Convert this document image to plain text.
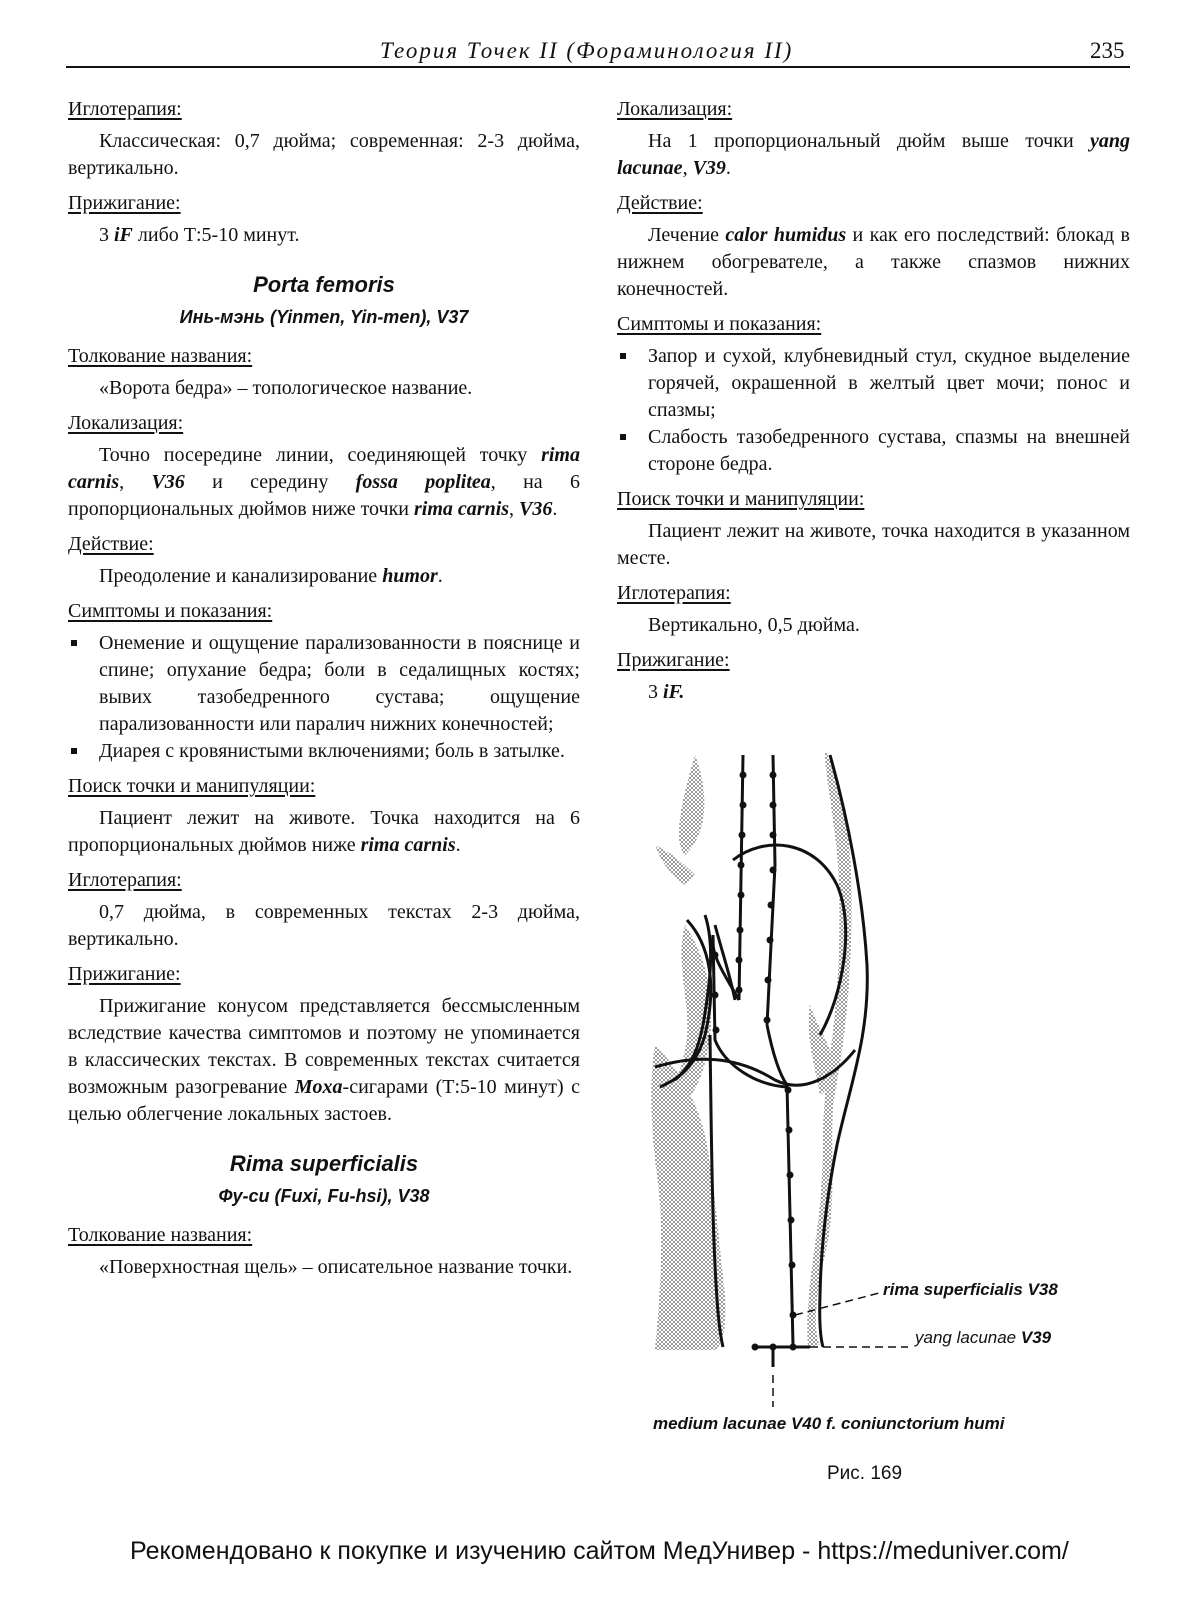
Теория Точек II (Фораминология II)	235
Иглотерапия:
Классическая: 0,7 дюйма; современная: 2-3 дюйма, вертикально.
Прижигание:
3 iF либо Т:5-10 минут.
Porta femoris
Инь-мэнь (Yinmen, Yin-men), V37
Толкование названия:
«Ворота бедра» – топологическое название.
Локализация:
Точно посередине линии, соединяющей точку rima carnis, V36 и середину fossa poplitea, на 6 пропорциональных дюймов ниже точки rima carnis, V36.
Действие:
Преодоление и канализирование humor.
Симптомы и показания:
Онемение и ощущение парализованности в пояснице и спине; опухание бедра; боли в седалищных костях; вывих тазобедренного сустава; ощущение парализованности или паралич нижних конечностей;
Диарея с кровянистыми включениями; боль в затылке.
Поиск точки и манипуляции:
Пациент лежит на животе. Точка находится на 6 пропорциональных дюймов ниже rima carnis.
Иглотерапия:
0,7 дюйма, в современных текстах 2-3 дюйма, вертикально.
Прижигание:
Прижигание конусом представляется бессмысленным вследствие качества симптомов и поэтому не упоминается в классических текстах. В современных текстах считается возможным разогревание Moxa-сигарами (Т:5-10 минут) с целью облегчение локальных застоев.
Rima superficialis
Фу-си (Fuxi, Fu-hsi), V38
Толкование названия:
«Поверхностная щель» – описательное название точки.
Локализация:
На 1 пропорциональный дюйм выше точки yang lacunae, V39.
Действие:
Лечение calor humidus и как его последствий: блокад в нижнем обогревателе, а также спазмов нижних конечностей.
Симптомы и показания:
Запор и сухой, клубневидный стул, скудное выделение горячей, окрашенной в желтый цвет мочи; понос и спазмы;
Слабость тазобедренного сустава, спазмы на внешней стороне бедра.
Поиск точки и манипуляции:
Пациент лежит на животе, точка находится в указанном месте.
Иглотерапия:
Вертикально, 0,5 дюйма.
Прижигание:
3 iF.
rima superficialis V38
yang lacunae V39
medium lacunae V40 f. coniunctorium humi
Рис. 169
Рекомендовано к покупке и изучению сайтом МедУнивер - https://meduniver.com/
